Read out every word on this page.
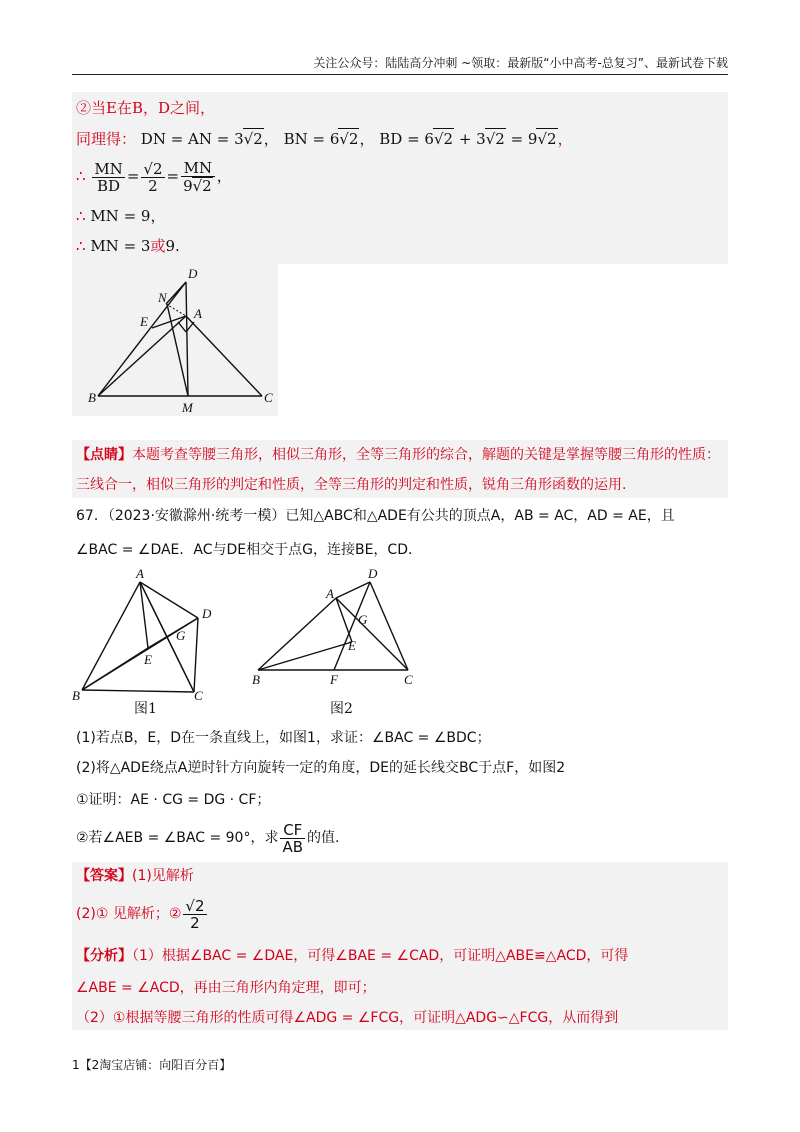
关注公众号：陆陆高分冲刺 ~领取：最新版“小中高考-总复习”、最新试卷下载
②当E在B，D之间，
同理得： DN = AN = 3√2， BN = 6√2， BD = 6√2 + 3√2 = 9√2，
∴ $\frac{MN}{BD} = \frac{√2}{2} = \frac{MN}{9√2}$ ，
∴ MN = 9，
∴ MN = 3或9.
D
N
A
E
B
M
C
【点睛】本题考查等腰三角形，相似三角形，全等三角形的综合，解题的关键是掌握等腰三角形的性质：
三线合一，相似三角形的判定和性质，全等三角形的判定和性质，锐角三角形函数的运用.
67．（2023·安徽滁州·统考一模）已知△ABC和△ADE有公共的顶点A，AB = AC，AD = AE，且
∠BAC = ∠DAE．AC与DE相交于点G，连接BE，CD．
A
D
G
E
B	C
图1
A
D
G
E
B	F	C
图2
(1)若点B，E，D在一条直线上，如图1，求证：∠BAC = ∠BDC；
(2)将△ADE绕点A逆时针方向旋转一定的角度，DE的延长线交BC于点F，如图2
①证明：AE · CG = DG · CF；
②若∠AEB = ∠BAC = 90°，求 $\frac{CF}{AB}$ 的值.
【答案】(1)见解析
(2)① 见解析；② $\frac{√2}{2}$
【分析】（1）根据∠BAC = ∠DAE，可得∠BAE = ∠CAD，可证明△ABE≌△ACD，可得
∠ABE = ∠ACD，再由三角形内角定理，即可；
（2）①根据等腰三角形的性质可得∠ADG = ∠FCG，可证明△ADG∽△FCG，从而得到
1【2淘宝店铺：向阳百分百】
